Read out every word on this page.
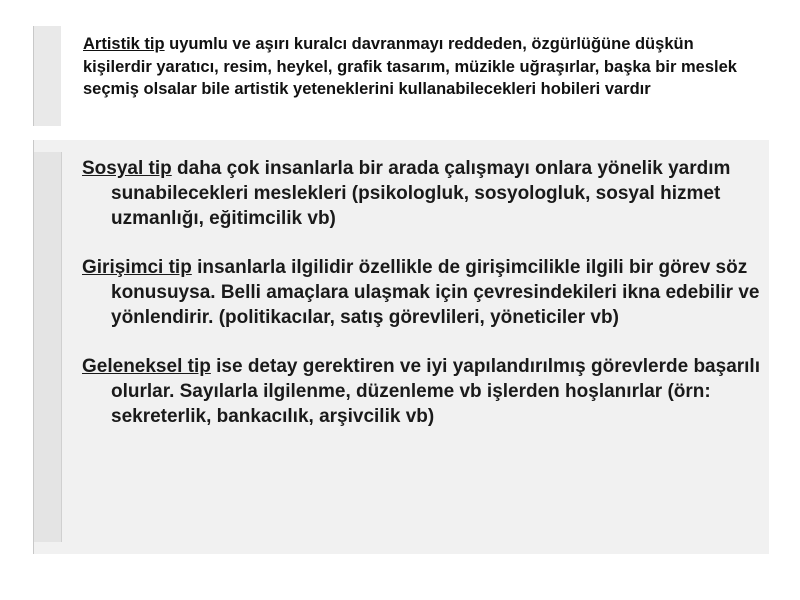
Artistik tip uyumlu ve aşırı kuralcı davranmayı reddeden, özgürlüğüne düşkün kişilerdir yaratıcı, resim, heykel, grafik tasarım, müzikle uğraşırlar, başka bir meslek seçmiş olsalar bile artistik yeteneklerini kullanabilecekleri hobileri vardır

Sosyal tip daha çok insanlarla bir arada çalışmayı onlara yönelik yardım sunabilecekleri meslekleri (psikologluk, sosyologluk, sosyal hizmet uzmanlığı, eğitimcilik vb)
Girişimci tip insanlarla ilgilidir özellikle de girişimcilikle ilgili bir görev söz konusuysa. Belli amaçlara ulaşmak için çevresindekileri ikna edebilir ve yönlendirir. (politikacılar, satış görevlileri, yöneticiler vb)
Geleneksel tip ise detay gerektiren ve iyi yapılandırılmış görevlerde başarılı olurlar. Sayılarla ilgilenme, düzenleme vb işlerden hoşlanırlar (örn: sekreterlik, bankacılık, arşivcilik vb)
